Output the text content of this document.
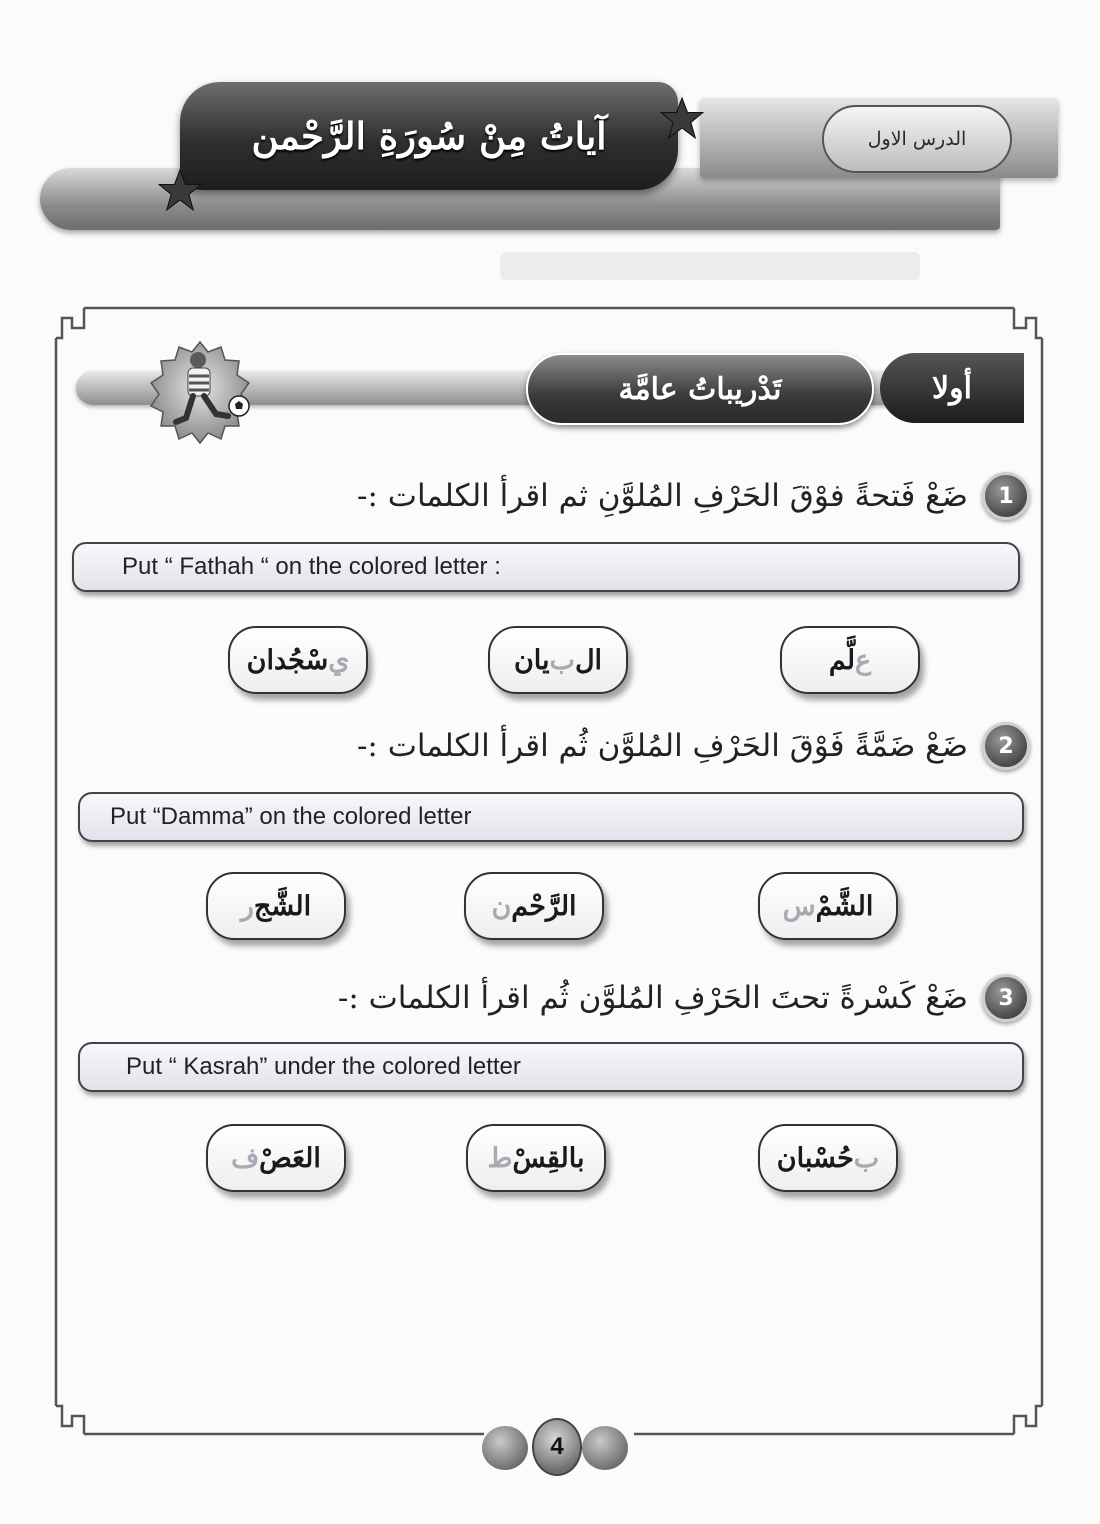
الدرس الاول
آياتُ مِنْ سُورَةِ الرَّحْمن
أولا
تَدْريباتُ عامَّة
1
ضَعْ فَتحةً فوْقَ الحَرْفِ المُلوَّنِ ثم اقرأ الكلمات :-
Put “ Fathah “ on the colored letter :
ع
لَّم
ال
ب
يان
ي
سْجُدان
2
ضَعْ ضَمَّةً فَوْقَ الحَرْفِ المُلوَّن ثُم اقرأ الكلمات :-
Put “Damma” on the colored letter
الشَّمْ
س
الرَّحْم
ن
الشَّج
ر
3
ضَعْ كَسْرةً تحتَ الحَرْفِ المُلوَّن ثُم اقرأ الكلمات :-
Put “ Kasrah” under the colored letter
ب
حُسْبان
بالقِسْ
ط
العَصْ
ف
4
